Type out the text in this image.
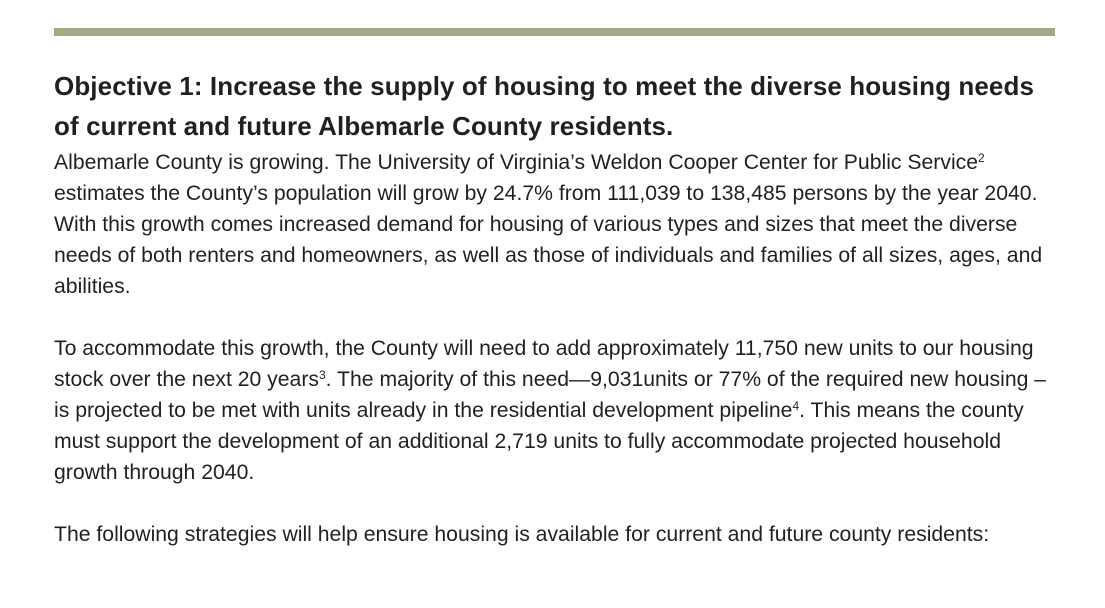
Objective 1: Increase the supply of housing to meet the diverse housing needs of current and future Albemarle County residents.

Albemarle County is growing. The University of Virginia’s Weldon Cooper Center for Public Service$^2$ estimates the County’s population will grow by 24.7% from 111,039 to 138,485 persons by the year 2040. With this growth comes increased demand for housing of various types and sizes that meet the diverse needs of both renters and homeowners, as well as those of individuals and families of all sizes, ages, and abilities.

To accommodate this growth, the County will need to add approximately 11,750 new units to our housing stock over the next 20 years$^3$. The majority of this need—9,031units or 77% of the required new housing – is projected to be met with units already in the residential development pipeline$^4$. This means the county must support the development of an additional 2,719 units to fully accommodate projected household growth through 2040.

The following strategies will help ensure housing is available for current and future county residents:
